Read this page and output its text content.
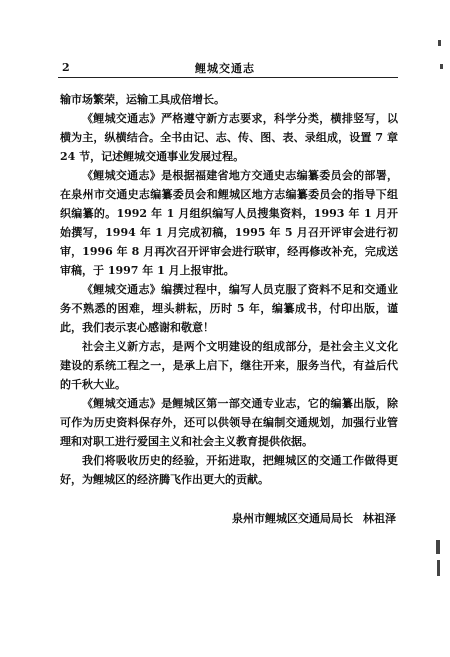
2	鲤城交通志

输市场繁荣，运输工具成倍增长。

《鲤城交通志》严格遵守新方志要求，科学分类，横排竖写，以横为主，纵横结合。全书由记、志、传、图、表、录组成，设置 7 章 24 节，记述鲤城交通事业发展过程。

《鲤城交通志》是根据福建省地方交通史志编纂委员会的部署，在泉州市交通史志编纂委员会和鲤城区地方志编纂委员会的指导下组织编纂的。1992 年 1 月组织编写人员搜集资料，1993 年 1 月开始撰写，1994 年 1 月完成初稿，1995 年 5 月召开评审会进行初审，1996 年 8 月再次召开评审会进行联审，经再修改补充，完成送审稿，于 1997 年 1 月上报审批。

《鲤城交通志》编撰过程中，编写人员克服了资料不足和交通业务不熟悉的困难，埋头耕耘，历时 5 年，编纂成书，付印出版，谨此，我们表示衷心感谢和敬意！

社会主义新方志，是两个文明建设的组成部分，是社会主义文化建设的系统工程之一，是承上启下，继往开来，服务当代，有益后代的千秋大业。

《鲤城交通志》是鲤城区第一部交通专业志，它的编纂出版，除可作为历史资料保存外，还可以供领导在编制交通规划，加强行业管理和对职工进行爱国主义和社会主义教育提供依据。

我们将吸收历史的经验，开拓进取，把鲤城区的交通工作做得更好，为鲤城区的经济腾飞作出更大的贡献。

泉州市鲤城区交通局局长 林祖泽
